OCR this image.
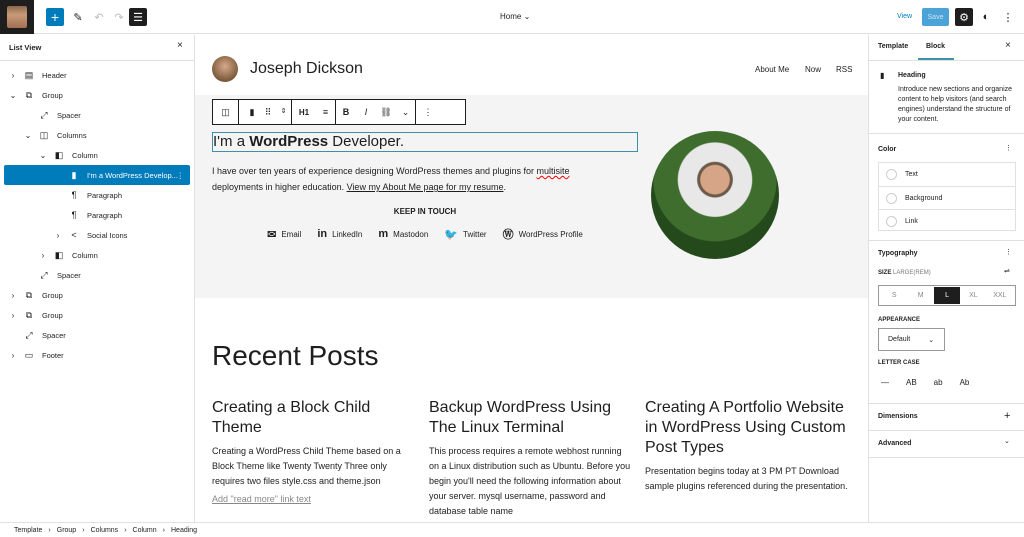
+	✎	↶ ↷ ☰	Home ⌄	View	Save	⚙	◐	⋮
List View	×
›	▤ Header
⌄ ⧉ Group
⤢ Spacer
⌄ ◫ Columns
⌄ ◧ Column
▮	I'm a WordPress Develop...
⋮
¶	Paragraph
¶	Paragraph
›	<	Social Icons
›	◧ Column
⤢ Spacer
›	⧉ Group
›	⧉ Group
⤢ Spacer
›	▭ Footer
Joseph Dickson	About Me Now RSS
◫	▮	⠿	⇕	H1	≡	B	I	⛓	⌄	⋮
I'm a WordPress Developer.
I have over ten years of experience designing WordPress themes and plugins for multisite deployments in higher education. View my About Me page for my resume.
KEEP IN TOUCH
✉ Email in LinkedIn m Mastodon 🐦 Twitter Ⓦ WordPress Profile
Recent Posts
Creating a Block Child Theme
Creating a WordPress Child Theme based on a Block Theme like Twenty Twenty Three only requires two files style.css and theme.json
Add "read more" link text
Backup WordPress Using The Linux Terminal
This process requires a remote webhost running on a Linux distribution such as Ubuntu. Before you begin you'll need the following information about your server. mysql username, password and database table name
Creating A Portfolio Website in WordPress Using Custom Post Types
Presentation begins today at 3 PM PT Download sample plugins referenced during the presentation.
Template	Block	×
▮ Heading
Introduce new sections and organize content to help visitors (and search engines) understand the structure of your content.
Color	⋮
Text
Background
Link
Typography	⋮
SIZE LARGE(REM)	⇌
S	M	L	XL	XXL
APPEARANCE
Default	⌄
LETTER CASE
—	AB	ab	Ab
Dimensions	+
Advanced	⌄
Template › Group › Columns › Column › Heading
